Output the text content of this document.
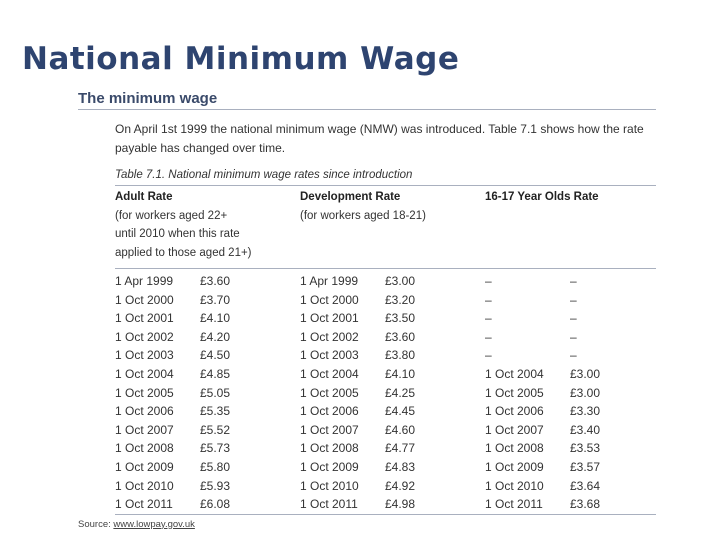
National Minimum Wage
The minimum wage
On April 1st 1999 the national minimum wage (NMW) was introduced. Table 7.1 shows how the rate
payable has changed over time.
Table 7.1. National minimum wage rates since introduction
Adult Rate
(for workers aged 22+
until 2010 when this rate
applied to those aged 21+)
Development Rate
(for workers aged 18-21)
16-17 Year Olds Rate
1 Apr 1999 £3.60	1 Apr 1999 £3.00	–	–
1 Oct 2000 £3.70	1 Oct 2000 £3.20	–	–
1 Oct 2001 £4.10	1 Oct 2001 £3.50	–	–
1 Oct 2002 £4.20	1 Oct 2002 £3.60	–	–
1 Oct 2003 £4.50	1 Oct 2003 £3.80	–	–
1 Oct 2004 £4.85	1 Oct 2004 £4.10	1 Oct 2004 £3.00
1 Oct 2005 £5.05	1 Oct 2005 £4.25	1 Oct 2005 £3.00
1 Oct 2006 £5.35	1 Oct 2006 £4.45	1 Oct 2006 £3.30
1 Oct 2007 £5.52	1 Oct 2007 £4.60	1 Oct 2007 £3.40
1 Oct 2008 £5.73	1 Oct 2008 £4.77	1 Oct 2008 £3.53
1 Oct 2009 £5.80	1 Oct 2009 £4.83	1 Oct 2009 £3.57
1 Oct 2010 £5.93	1 Oct 2010 £4.92	1 Oct 2010 £3.64
1 Oct 2011 £6.08	1 Oct 2011 £4.98	1 Oct 2011 £3.68
Source: www.lowpay.gov.uk
